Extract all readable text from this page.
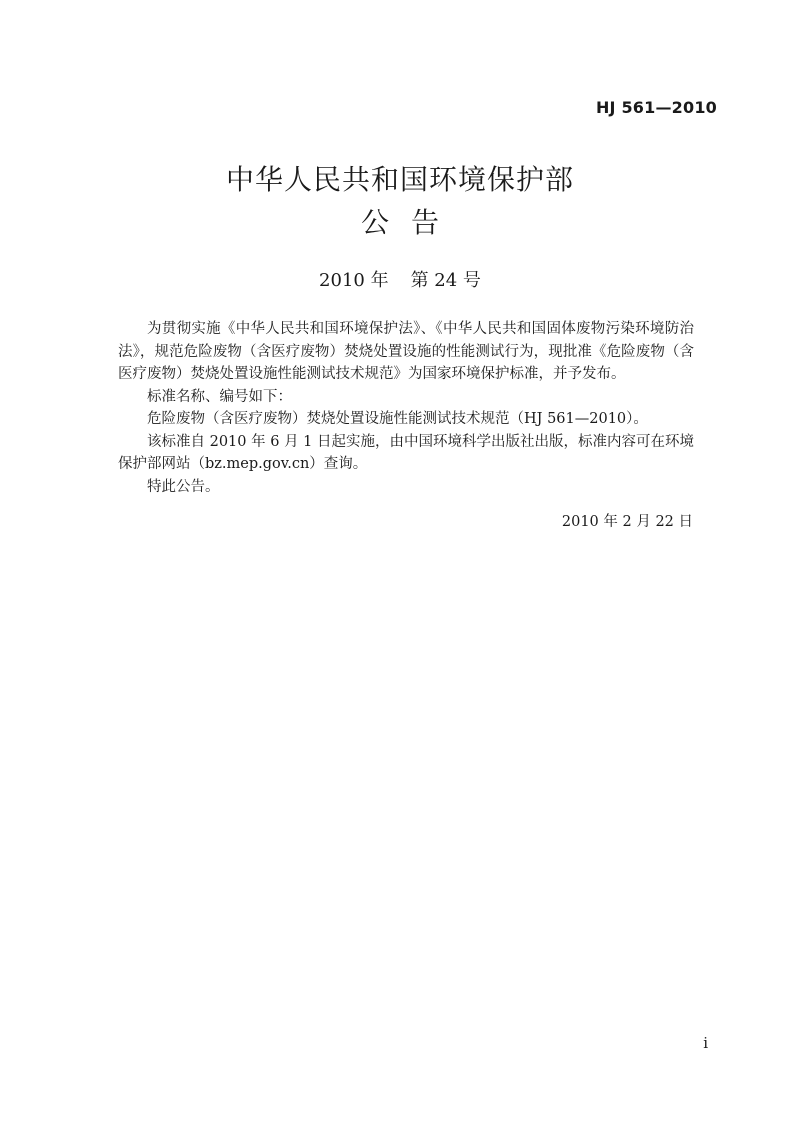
HJ 561—2010
中华人民共和国环境保护部
公告
2010 年 第 24 号

为贯彻实施《中华人民共和国环境保护法》、《中华人民共和国固体废物污染环境防治法》，规范危险废物（含医疗废物）焚烧处置设施的性能测试行为，现批准《危险废物（含医疗废物）焚烧处置设施性能测试技术规范》为国家环境保护标准，并予发布。

标准名称、编号如下：

危险废物（含医疗废物）焚烧处置设施性能测试技术规范（HJ 561—2010）。

该标准自 2010 年 6 月 1 日起实施，由中国环境科学出版社出版，标准内容可在环境保护部网站（bz.mep.gov.cn）查询。

特此公告。

2010 年 2 月 22 日
i
